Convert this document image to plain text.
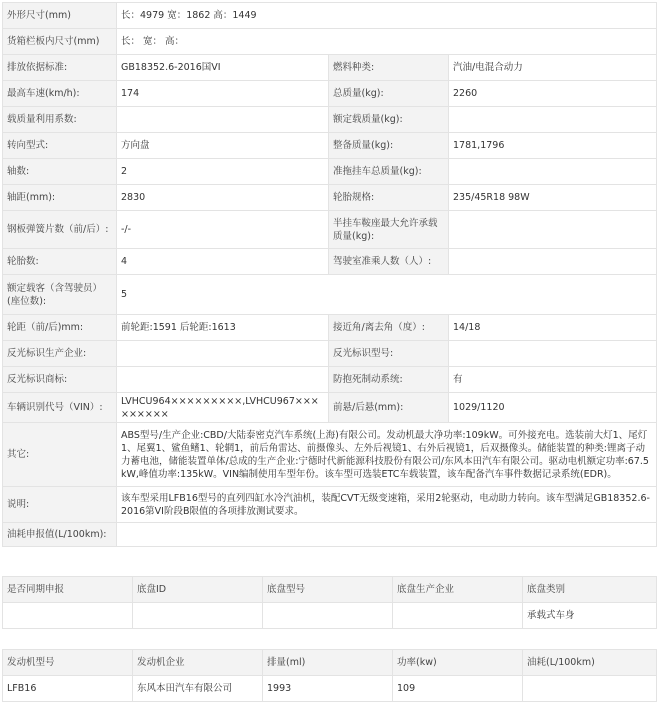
外形尺寸(mm)	长：4979 宽：1862 高：1449		
货箱栏板内尺寸(mm)	长： 宽： 高：		
排放依据标准:	GB18352.6-2016国VI	燃料种类:	汽油/电混合动力
最高车速(km/h):	174	总质量(kg):	2260
载质量利用系数:		额定载质量(kg):	
转向型式:	方向盘	整备质量(kg):	1781,1796
轴数:	2	准拖挂车总质量(kg):	
轴距(mm):	2830	轮胎规格:	235/45R18 98W
钢板弹簧片数（前/后）:	-/-	半挂车鞍座最大允许承载质量(kg):	
轮胎数:	4	驾驶室准乘人数（人）:	
额定载客（含驾驶员）(座位数):	5		
轮距（前/后)mm:	前轮距:1591 后轮距:1613	接近角/离去角（度）:	14/18
反光标识生产企业:		反光标识型号:	
反光标识商标:		防抱死制动系统:	有
车辆识别代号（VIN）:	LVHCU964×××××××××,LVHCU967×××××××××	前悬/后悬(mm):	1029/1120
其它:	ABS型号/生产企业:CBD/大陆泰密克汽车系统(上海)有限公司。发动机最大净功率:109kW。可外接充电。选装前大灯1、尾灯1、尾翼1、鲨鱼鳍1、轮辋1，前后角雷达、前摄像头、左外后视镜1、右外后视镜1，后双摄像头。储能装置的种类:锂离子动力蓄电池，储能装置单体/总成的生产企业:宁德时代新能源科技股份有限公司/东风本田汽车有限公司。驱动电机额定功率:67.5kW,峰值功率:135kW。VIN编制使用车型年份。该车型可选装ETC车载装置，该车配备汽车事件数据记录系统(EDR)。		
说明:	该车型采用LFB16型号的直列四缸水冷汽油机，装配CVT无级变速箱，采用2轮驱动，电动助力转向。该车型满足GB18352.6-2016第VI阶段B限值的各项排放测试要求。		
油耗申报值(L/100km):			
是否同期申报	底盘ID	底盘型号	底盘生产企业	底盘类别
				承载式车身
发动机型号	发动机企业	排量(ml)	功率(kw)	油耗(L/100km)
LFB16	东风本田汽车有限公司	1993	109	
